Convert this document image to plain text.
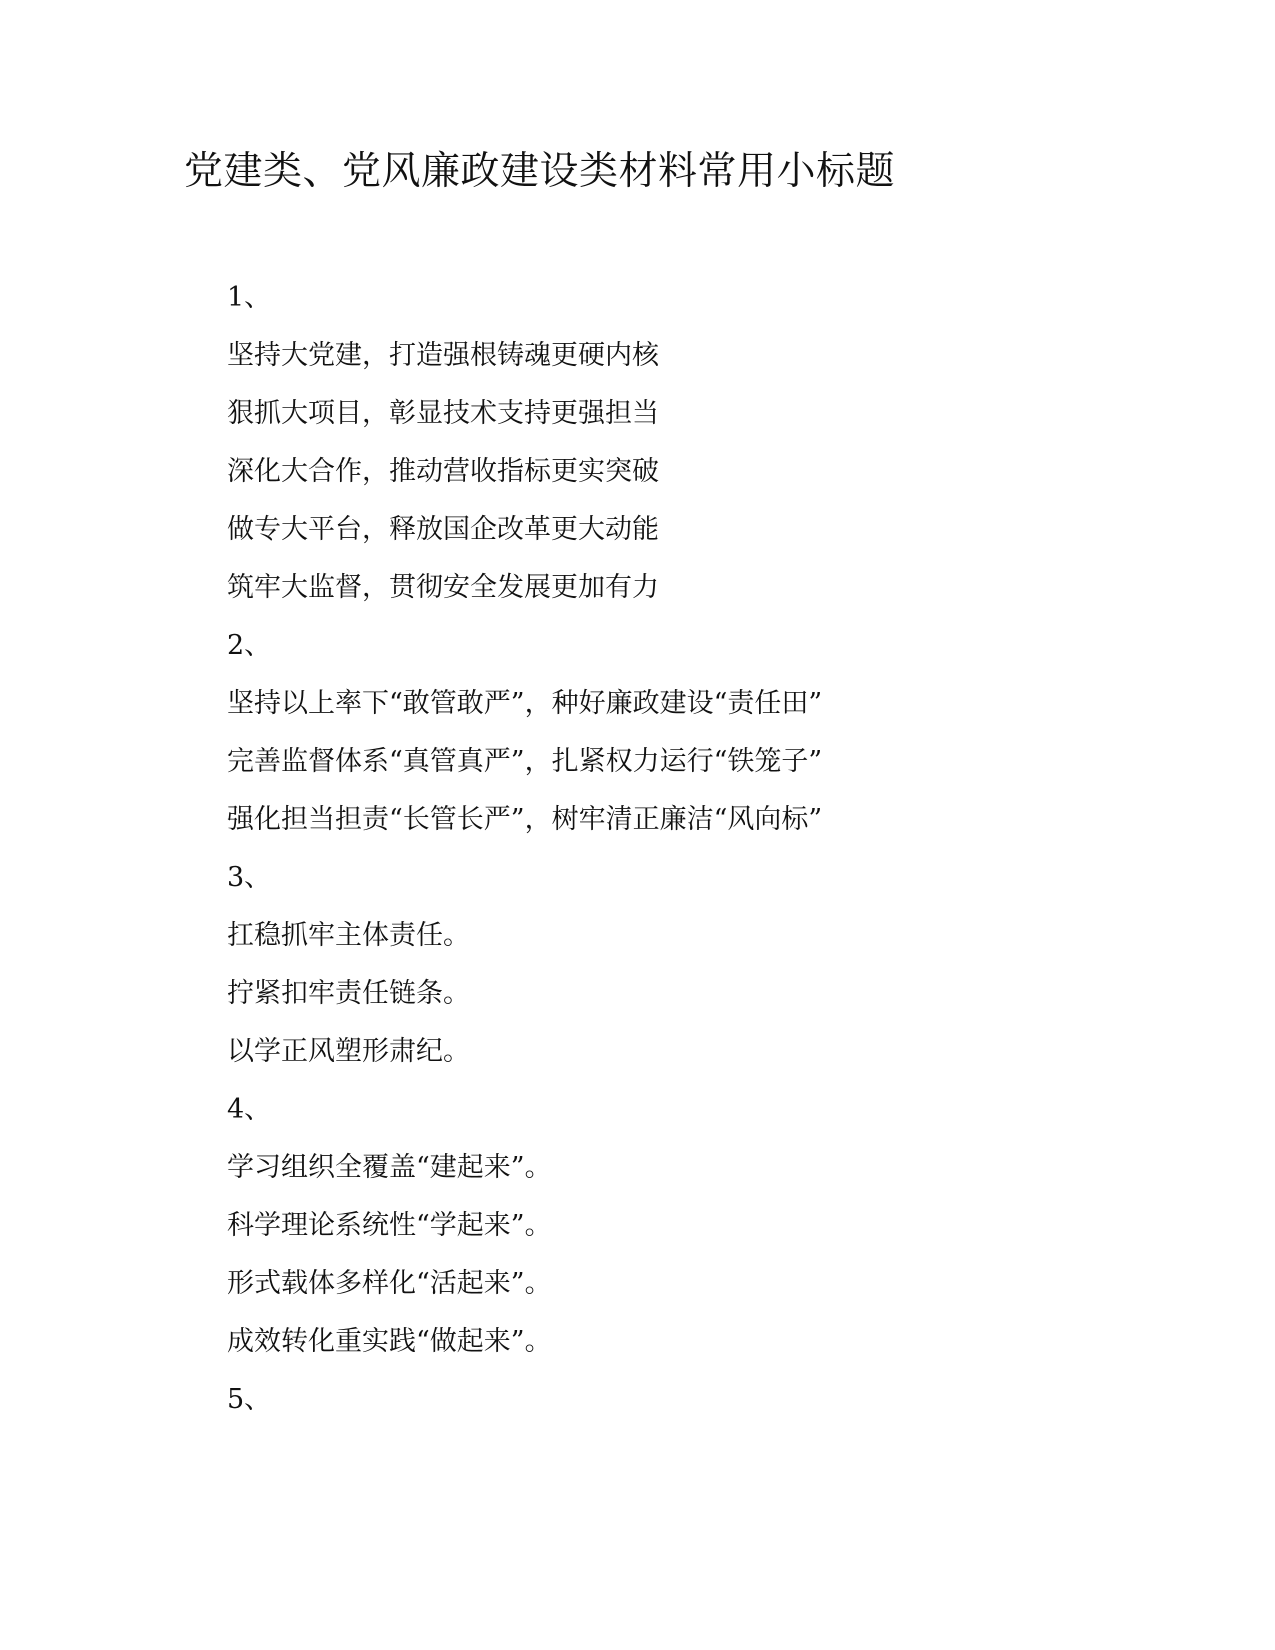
党建类、党风廉政建设类材料常用小标题
1、
坚持大党建，打造强根铸魂更硬内核
狠抓大项目，彰显技术支持更强担当
深化大合作，推动营收指标更实突破
做专大平台，释放国企改革更大动能
筑牢大监督，贯彻安全发展更加有力
2、
坚持以上率下“敢管敢严”，种好廉政建设“责任田”
完善监督体系“真管真严”，扎紧权力运行“铁笼子”
强化担当担责“长管长严”，树牢清正廉洁“风向标”
3、
扛稳抓牢主体责任。
拧紧扣牢责任链条。
以学正风塑形肃纪。
4、
学习组织全覆盖“建起来”。
科学理论系统性“学起来”。
形式载体多样化“活起来”。
成效转化重实践“做起来”。
5、
